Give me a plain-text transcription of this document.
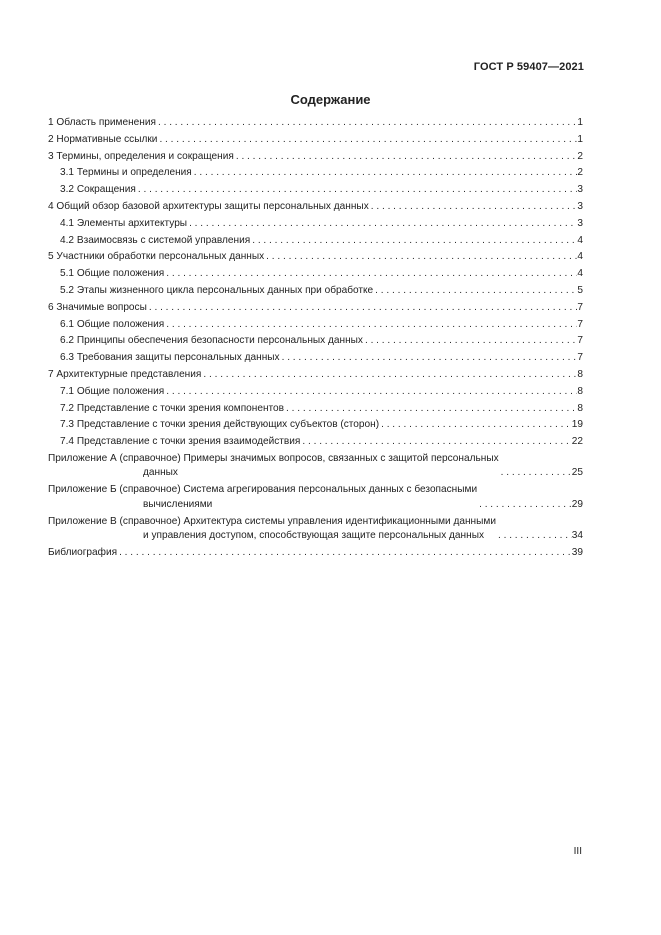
ГОСТ Р 59407—2021
Содержание
1 Область применения . . .	1
2 Нормативные ссылки . . .	1
3 Термины, определения и сокращения . . .	2
3.1 Термины и определения . . .	2
3.2 Сокращения . . .	3
4 Общий обзор базовой архитектуры защиты персональных данных . . .	3
4.1 Элементы архитектуры . . .	3
4.2 Взаимосвязь с системой управления . . .	4
5 Участники обработки персональных данных . . .	4
5.1 Общие положения . . .	4
5.2 Этапы жизненного цикла персональных данных при обработке . . .	5
6 Значимые вопросы . . .	7
6.1 Общие положения . . .	7
6.2 Принципы обеспечения безопасности персональных данных . . .	7
6.3 Требования защиты персональных данных . . .	7
7 Архитектурные представления . . .	8
7.1 Общие положения . . .	8
7.2 Представление с точки зрения компонентов . . .	8
7.3 Представление с точки зрения действующих субъектов (сторон) . . .	19
7.4 Представление с точки зрения взаимодействия . . .	22
Приложение А (справочное) Примеры значимых вопросов, связанных с защитой персональных
данных . . .	25
Приложение Б (справочное) Система агрегирования персональных данных с безопасными
вычислениями . . .	29
Приложение В (справочное) Архитектура системы управления идентификационными данными
и управления доступом, способствующая защите персональных данных . . .	34
Библиография . . .	39
III
